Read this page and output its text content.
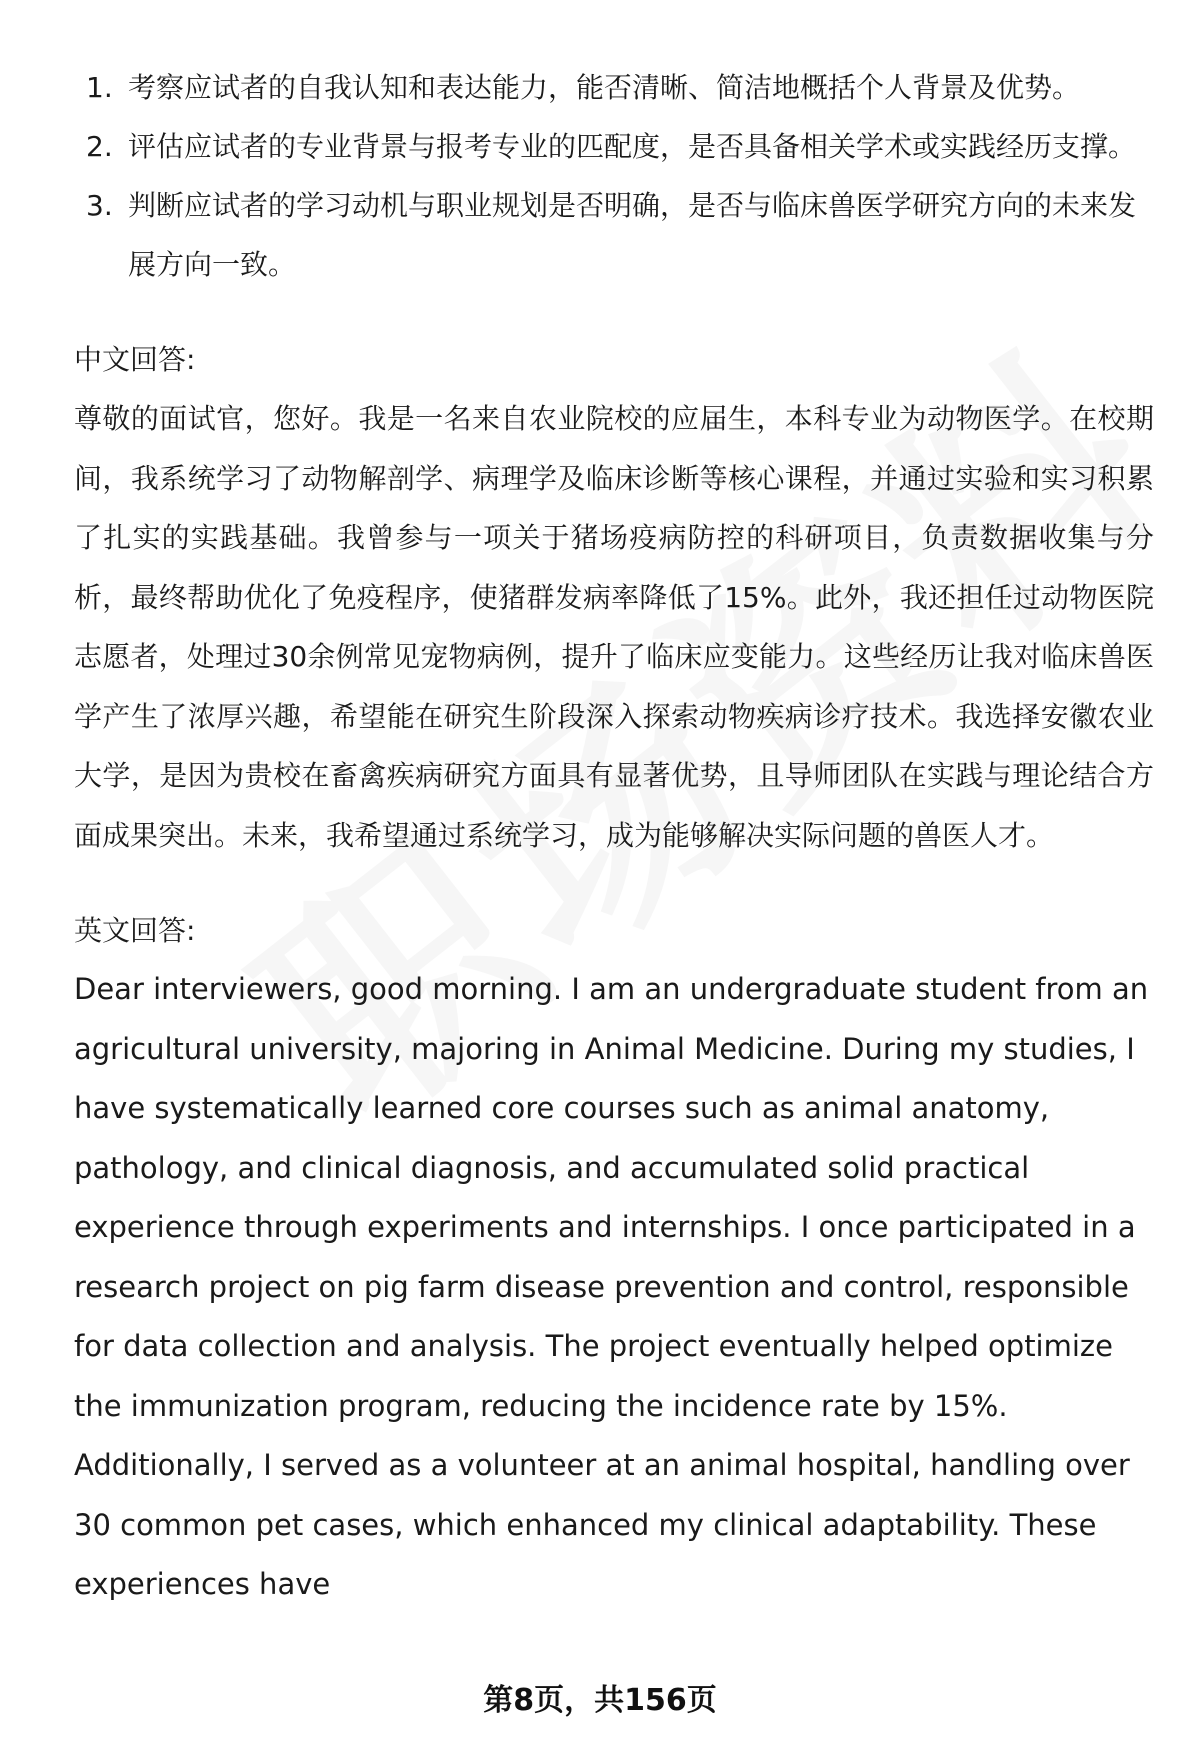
1. 考察应试者的自我认知和表达能力，能否清晰、简洁地概括个人背景及优势。
2. 评估应试者的专业背景与报考专业的匹配度，是否具备相关学术或实践经历支撑。
3. 判断应试者的学习动机与职业规划是否明确，是否与临床兽医学研究方向的未来发展方向一致。
中文回答:
尊敬的面试官，您好。我是一名来自农业院校的应届生，本科专业为动物医学。在校期间，我系统学习了动物解剖学、病理学及临床诊断等核心课程，并通过实验和实习积累了扎实的实践基础。我曾参与一项关于猪场疫病防控的科研项目，负责数据收集与分析，最终帮助优化了免疫程序，使猪群发病率降低了15%。此外，我还担任过动物医院志愿者，处理过30余例常见宠物病例，提升了临床应变能力。这些经历让我对临床兽医学产生了浓厚兴趣，希望能在研究生阶段深入探索动物疾病诊疗技术。我选择安徽农业大学，是因为贵校在畜禽疾病研究方面具有显著优势，且导师团队在实践与理论结合方面成果突出。未来，我希望通过系统学习，成为能够解决实际问题的兽医人才。
英文回答:
Dear interviewers, good morning. I am an undergraduate student from an agricultural university, majoring in Animal Medicine. During my studies, I have systematically learned core courses such as animal anatomy, pathology, and clinical diagnosis, and accumulated solid practical experience through experiments and internships. I once participated in a research project on pig farm disease prevention and control, responsible for data collection and analysis. The project eventually helped optimize the immunization program, reducing the incidence rate by 15%. Additionally, I served as a volunteer at an animal hospital, handling over 30 common pet cases, which enhanced my clinical adaptability. These experiences have
第8页，共156页
